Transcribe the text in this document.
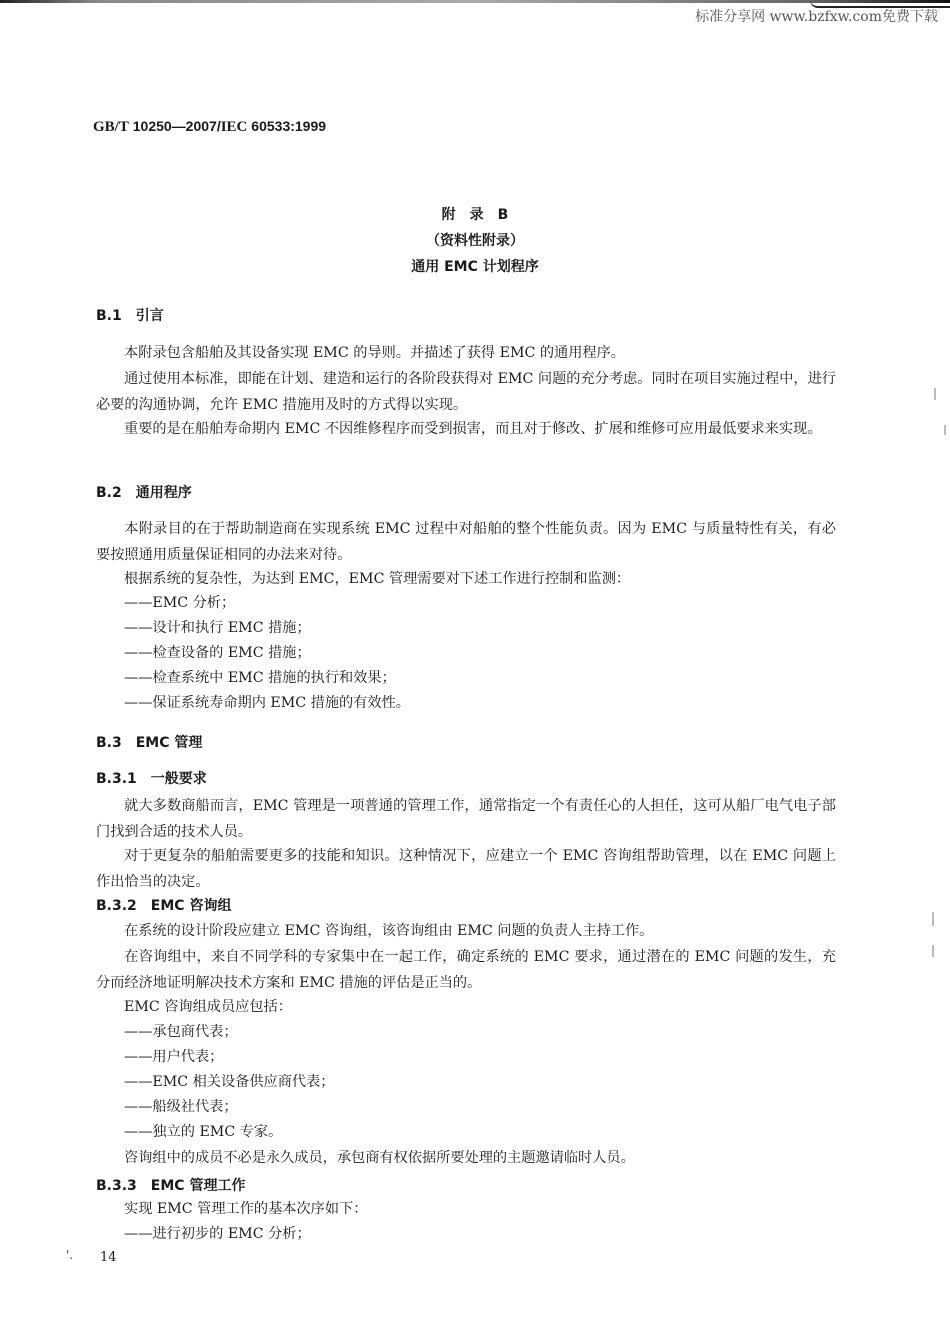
标准分享网 www.bzfxw.com免费下载
GB/T 10250—2007/IEC 60533:1999
附　录　B
（资料性附录）
通用 EMC 计划程序
B.1 引言
本附录包含船舶及其设备实现 EMC 的导则。并描述了获得 EMC 的通用程序。
通过使用本标准，即能在计划、建造和运行的各阶段获得对 EMC 问题的充分考虑。同时在项目实施过程中，进行必要的沟通协调，允许 EMC 措施用及时的方式得以实现。
重要的是在船舶寿命期内 EMC 不因维修程序而受到损害，而且对于修改、扩展和维修可应用最低要求来实现。
B.2 通用程序
本附录目的在于帮助制造商在实现系统 EMC 过程中对船舶的整个性能负责。因为 EMC 与质量特性有关，有必要按照通用质量保证相同的办法来对待。
根据系统的复杂性，为达到 EMC，EMC 管理需要对下述工作进行控制和监测：
——EMC 分析；
——设计和执行 EMC 措施；
——检查设备的 EMC 措施；
——检查系统中 EMC 措施的执行和效果；
——保证系统寿命期内 EMC 措施的有效性。
B.3 EMC 管理
B.3.1 一般要求
就大多数商船而言，EMC 管理是一项普通的管理工作，通常指定一个有责任心的人担任，这可从船厂电气电子部门找到合适的技术人员。
对于更复杂的船舶需要更多的技能和知识。这种情况下，应建立一个 EMC 咨询组帮助管理，以在 EMC 问题上作出恰当的决定。
B.3.2 EMC 咨询组
在系统的设计阶段应建立 EMC 咨询组，该咨询组由 EMC 问题的负责人主持工作。
在咨询组中，来自不同学科的专家集中在一起工作，确定系统的 EMC 要求，通过潜在的 EMC 问题的发生，充分而经济地证明解决技术方案和 EMC 措施的评估是正当的。
EMC 咨询组成员应包括：
——承包商代表；
——用户代表；
——EMC 相关设备供应商代表；
——船级社代表；
——独立的 EMC 专家。
咨询组中的成员不必是永久成员，承包商有权依据所要处理的主题邀请临时人员。
B.3.3 EMC 管理工作
实现 EMC 管理工作的基本次序如下：
——进行初步的 EMC 分析；
'. 14
